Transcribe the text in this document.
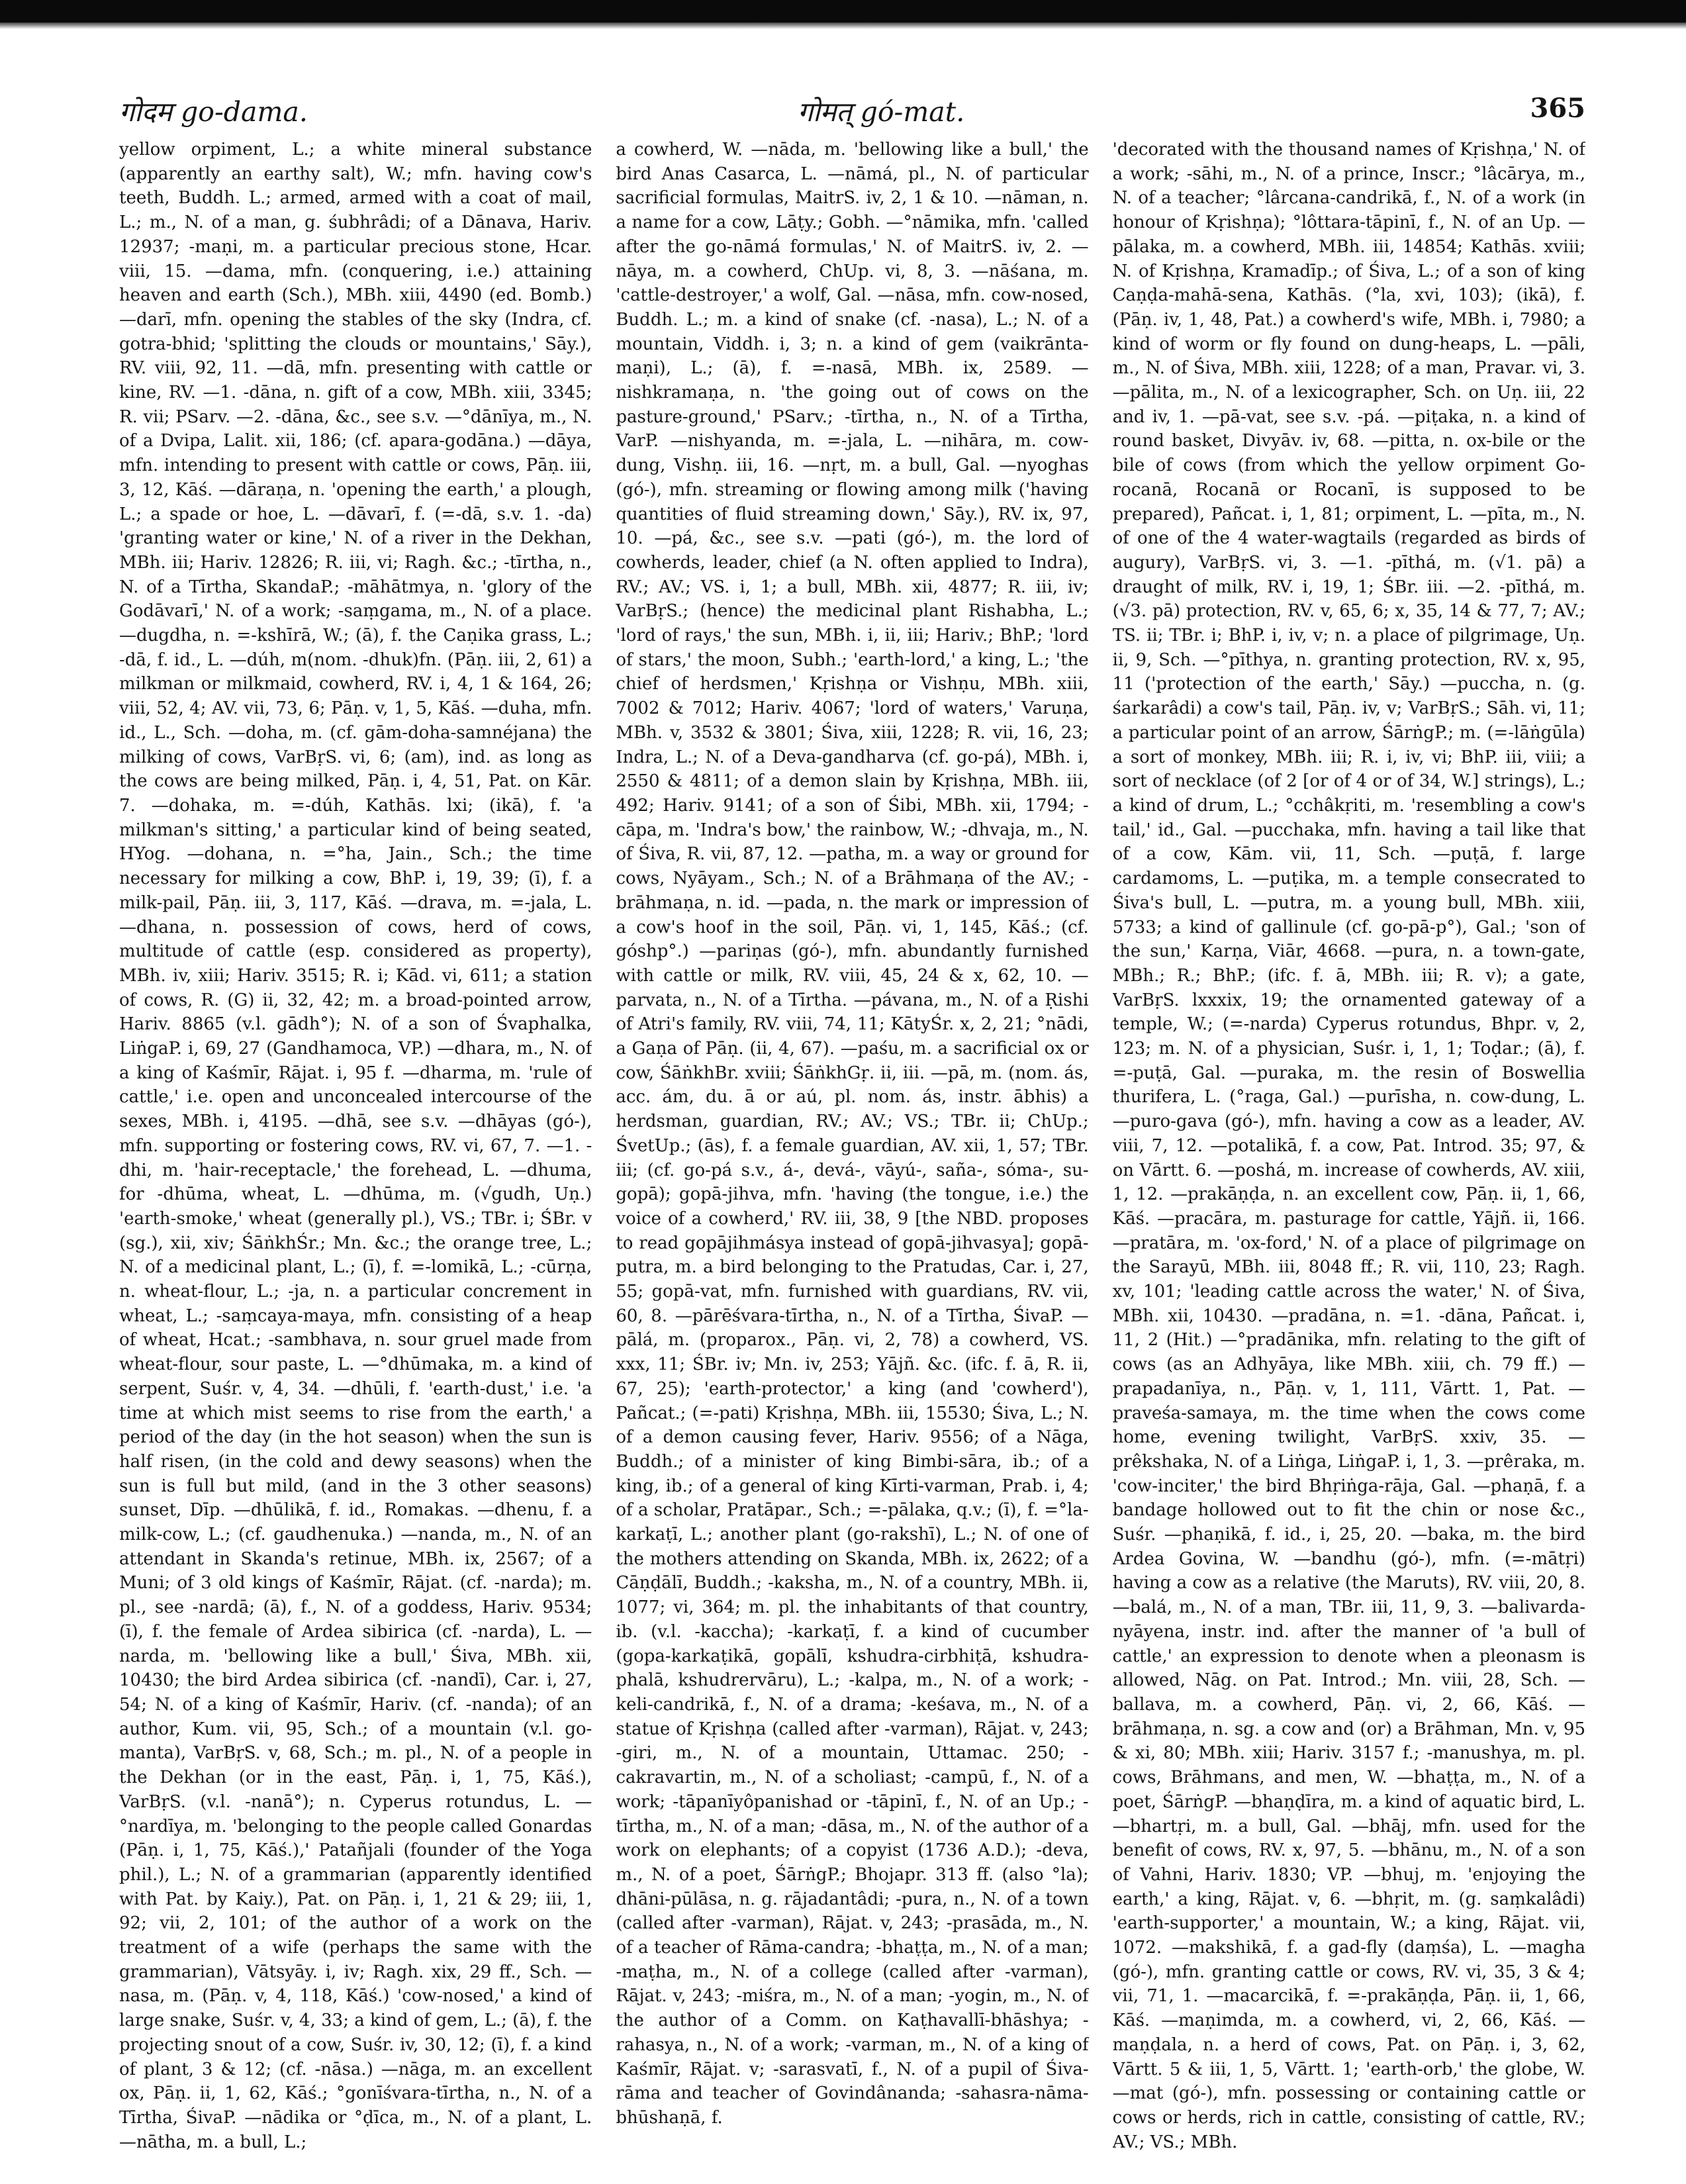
गोदम go-dama.	गोमत् gó-mat.	365

yellow orpiment, L.; a white mineral substance (apparently an earthy salt), W.; mfn. having cow's teeth, Buddh. L.; armed, armed with a coat of mail, L.; m., N. of a man, g. śubhrâdi; of a Dānava, Hariv. 12937; -maṇi, m. a particular precious stone, Hcar. viii, 15. —dama, mfn. (conquering, i.e.) attaining heaven and earth (Sch.), MBh. xiii, 4490 (ed. Bomb.) —darī, mfn. opening the stables of the sky (Indra, cf. gotra-bhid; 'splitting the clouds or mountains,' Sāy.), RV. viii, 92, 11. —dā, mfn. presenting with cattle or kine, RV. —1. -dāna, n. gift of a cow, MBh. xiii, 3345; R. vii; PSarv. —2. -dāna, &c., see s.v. —°dānīya, m., N. of a Dvipa, Lalit. xii, 186; (cf. apara-godāna.) —dāya, mfn. intending to present with cattle or cows, Pāṇ. iii, 3, 12, Kāś. —dāraṇa, n. 'opening the earth,' a plough, L.; a spade or hoe, L. —dāvarī, f. (=-dā, s.v. 1. -da) 'granting water or kine,' N. of a river in the Dekhan, MBh. iii; Hariv. 12826; R. iii, vi; Ragh. &c.; -tīrtha, n., N. of a Tīrtha, SkandaP.; -māhātmya, n. 'glory of the Godāvarī,' N. of a work; -saṃgama, m., N. of a place. —dugdha, n. =-kshīrā, W.; (ā), f. the Caṇika grass, L.; -dā, f. id., L. —dúh, m(nom. -dhuk)fn. (Pāṇ. iii, 2, 61) a milkman or milkmaid, cowherd, RV. i, 4, 1 & 164, 26; viii, 52, 4; AV. vii, 73, 6; Pāṇ. v, 1, 5, Kāś. —duha, mfn. id., L., Sch. —doha, m. (cf. gām-doha-samnéjana) the milking of cows, VarBṛS. vi, 6; (am), ind. as long as the cows are being milked, Pāṇ. i, 4, 51, Pat. on Kār. 7. —dohaka, m. =-dúh, Kathās. lxi; (ikā), f. 'a milkman's sitting,' a particular kind of being seated, HYog. —dohana, n. =°ha, Jain., Sch.; the time necessary for milking a cow, BhP. i, 19, 39; (ī), f. a milk-pail, Pāṇ. iii, 3, 117, Kāś. —drava, m. =-jala, L. —dhana, n. possession of cows, herd of cows, multitude of cattle (esp. considered as property), MBh. iv, xiii; Hariv. 3515; R. i; Kād. vi, 611; a station of cows, R. (G) ii, 32, 42; m. a broad-pointed arrow, Hariv. 8865 (v.l. gādh°); N. of a son of Śvaphalka, LiṅgaP. i, 69, 27 (Gandhamoca, VP.) —dhara, m., N. of a king of Kaśmīr, Rājat. i, 95 f. —dharma, m. 'rule of cattle,' i.e. open and unconcealed intercourse of the sexes, MBh. i, 4195. —dhā, see s.v. —dhāyas (gó-), mfn. supporting or fostering cows, RV. vi, 67, 7. —1. -dhi, m. 'hair-receptacle,' the forehead, L. —dhuma, for -dhūma, wheat, L. —dhūma, m. (√gudh, Uṇ.) 'earth-smoke,' wheat (generally pl.), VS.; TBr. i; ŚBr. v (sg.), xii, xiv; ŚāṅkhŚr.; Mn. &c.; the orange tree, L.; N. of a medicinal plant, L.; (ī), f. =-lomikā, L.; -cūrṇa, n. wheat-flour, L.; -ja, n. a particular concrement in wheat, L.; -saṃcaya-maya, mfn. consisting of a heap of wheat, Hcat.; -sambhava, n. sour gruel made from wheat-flour, sour paste, L. —°dhūmaka, m. a kind of serpent, Suśr. v, 4, 34. —dhūli, f. 'earth-dust,' i.e. 'a time at which mist seems to rise from the earth,' a period of the day (in the hot season) when the sun is half risen, (in the cold and dewy seasons) when the sun is full but mild, (and in the 3 other seasons) sunset, Dīp. —dhūlikā, f. id., Romakas. —dhenu, f. a milk-cow, L.; (cf. gaudhenuka.) —nanda, m., N. of an attendant in Skanda's retinue, MBh. ix, 2567; of a Muni; of 3 old kings of Kaśmīr, Rājat. (cf. -narda); m. pl., see -nardā; (ā), f., N. of a goddess, Hariv. 9534; (ī), f. the female of Ardea sibirica (cf. -narda), L. —narda, m. 'bellowing like a bull,' Śiva, MBh. xii, 10430; the bird Ardea sibirica (cf. -nandī), Car. i, 27, 54; N. of a king of Kaśmīr, Hariv. (cf. -nanda); of an author, Kum. vii, 95, Sch.; of a mountain (v.l. go-manta), VarBṛS. v, 68, Sch.; m. pl., N. of a people in the Dekhan (or in the east, Pāṇ. i, 1, 75, Kāś.), VarBṛS. (v.l. -nanā°); n. Cyperus rotundus, L. —°nardīya, m. 'belonging to the people called Gonardas (Pāṇ. i, 1, 75, Kāś.),' Patañjali (founder of the Yoga phil.), L.; N. of a grammarian (apparently identified with Pat. by Kaiy.), Pat. on Pāṇ. i, 1, 21 & 29; iii, 1, 92; vii, 2, 101; of the author of a work on the treatment of a wife (perhaps the same with the grammarian), Vātsyāy. i, iv; Ragh. xix, 29 ff., Sch. —nasa, m. (Pāṇ. v, 4, 118, Kāś.) 'cow-nosed,' a kind of large snake, Suśr. v, 4, 33; a kind of gem, L.; (ā), f. the projecting snout of a cow, Suśr. iv, 30, 12; (ī), f. a kind of plant, 3 & 12; (cf. -nāsa.) —nāga, m. an excellent ox, Pāṇ. ii, 1, 62, Kāś.; °gonīśvara-tīrtha, n., N. of a Tīrtha, ŚivaP. —nādika or °ḍīca, m., N. of a plant, L. —nātha, m. a bull, L.;

a cowherd, W. —nāda, m. 'bellowing like a bull,' the bird Anas Casarca, L. —nāmá, pl., N. of particular sacrificial formulas, MaitrS. iv, 2, 1 & 10. —nāman, n. a name for a cow, Lāṭy.; Gobh. —°nāmika, mfn. 'called after the go-nāmá formulas,' N. of MaitrS. iv, 2. —nāya, m. a cowherd, ChUp. vi, 8, 3. —nāśana, m. 'cattle-destroyer,' a wolf, Gal. —nāsa, mfn. cow-nosed, Buddh. L.; m. a kind of snake (cf. -nasa), L.; N. of a mountain, Viddh. i, 3; n. a kind of gem (vaikrānta-maṇi), L.; (ā), f. =-nasā, MBh. ix, 2589. —nishkramaṇa, n. 'the going out of cows on the pasture-ground,' PSarv.; -tīrtha, n., N. of a Tīrtha, VarP. —nishyanda, m. =-jala, L. —nihāra, m. cow-dung, Vishṇ. iii, 16. —nṛt, m. a bull, Gal. —nyoghas (gó-), mfn. streaming or flowing among milk ('having quantities of fluid streaming down,' Sāy.), RV. ix, 97, 10. —pá, &c., see s.v. —pati (gó-), m. the lord of cowherds, leader, chief (a N. often applied to Indra), RV.; AV.; VS. i, 1; a bull, MBh. xii, 4877; R. iii, iv; VarBṛS.; (hence) the medicinal plant Rishabha, L.; 'lord of rays,' the sun, MBh. i, ii, iii; Hariv.; BhP.; 'lord of stars,' the moon, Subh.; 'earth-lord,' a king, L.; 'the chief of herdsmen,' Kṛishṇa or Vishṇu, MBh. xiii, 7002 & 7012; Hariv. 4067; 'lord of waters,' Varuṇa, MBh. v, 3532 & 3801; Śiva, xiii, 1228; R. vii, 16, 23; Indra, L.; N. of a Deva-gandharva (cf. go-pá), MBh. i, 2550 & 4811; of a demon slain by Kṛishṇa, MBh. iii, 492; Hariv. 9141; of a son of Śibi, MBh. xii, 1794; -cāpa, m. 'Indra's bow,' the rainbow, W.; -dhvaja, m., N. of Śiva, R. vii, 87, 12. —patha, m. a way or ground for cows, Nyāyam., Sch.; N. of a Brāhmaṇa of the AV.; -brāhmaṇa, n. id. —pada, n. the mark or impression of a cow's hoof in the soil, Pāṇ. vi, 1, 145, Kāś.; (cf. góshp°.) —pariṇas (gó-), mfn. abundantly furnished with cattle or milk, RV. viii, 45, 24 & x, 62, 10. —parvata, n., N. of a Tīrtha. —pávana, m., N. of a Ṛishi of Atri's family, RV. viii, 74, 11; KātyŚr. x, 2, 21; °nādi, a Gaṇa of Pāṇ. (ii, 4, 67). —paśu, m. a sacrificial ox or cow, ŚāṅkhBr. xviii; ŚāṅkhGṛ. ii, iii. —pā, m. (nom. ás, acc. ám, du. ā or aú, pl. nom. ás, instr. ābhis) a herdsman, guardian, RV.; AV.; VS.; TBr. ii; ChUp.; ŚvetUp.; (ās), f. a female guardian, AV. xii, 1, 57; TBr. iii; (cf. go-pá s.v., á-, devá-, vāyú-, saña-, sóma-, su-gopā); gopā-jihva, mfn. 'having (the tongue, i.e.) the voice of a cowherd,' RV. iii, 38, 9 [the NBD. proposes to read gopājihmásya instead of gopā-jihvasya]; gopā-putra, m. a bird belonging to the Pratudas, Car. i, 27, 55; gopā-vat, mfn. furnished with guardians, RV. vii, 60, 8. —pārēśvara-tīrtha, n., N. of a Tīrtha, ŚivaP. —pālá, m. (proparox., Pāṇ. vi, 2, 78) a cowherd, VS. xxx, 11; ŚBr. iv; Mn. iv, 253; Yājñ. &c. (ifc. f. ā, R. ii, 67, 25); 'earth-protector,' a king (and 'cowherd'), Pañcat.; (=-pati) Kṛishṇa, MBh. iii, 15530; Śiva, L.; N. of a demon causing fever, Hariv. 9556; of a Nāga, Buddh.; of a minister of king Bimbi-sāra, ib.; of a king, ib.; of a general of king Kīrti-varman, Prab. i, 4; of a scholar, Pratāpar., Sch.; =-pālaka, q.v.; (ī), f. =°la-karkaṭī, L.; another plant (go-rakshī), L.; N. of one of the mothers attending on Skanda, MBh. ix, 2622; of a Cāṇḍālī, Buddh.; -kaksha, m., N. of a country, MBh. ii, 1077; vi, 364; m. pl. the inhabitants of that country, ib. (v.l. -kaccha); -karkaṭī, f. a kind of cucumber (gopa-karkaṭikā, gopālī, kshudra-cirbhiṭā, kshudra-phalā, kshudrervāru), L.; -kalpa, m., N. of a work; -keli-candrikā, f., N. of a drama; -keśava, m., N. of a statue of Kṛishṇa (called after -varman), Rājat. v, 243; -giri, m., N. of a mountain, Uttamac. 250; -cakravartin, m., N. of a scholiast; -campū, f., N. of a work; -tāpanīyôpanishad or -tāpinī, f., N. of an Up.; -tīrtha, m., N. of a man; -dāsa, m., N. of the author of a work on elephants; of a copyist (1736 A.D.); -deva, m., N. of a poet, ŚārṅgP.; Bhojapr. 313 ff. (also °la); dhāni-pūlāsa, n. g. rājadantâdi; -pura, n., N. of a town (called after -varman), Rājat. v, 243; -prasāda, m., N. of a teacher of Rāma-candra; -bhaṭṭa, m., N. of a man; -maṭha, m., N. of a college (called after -varman), Rājat. v, 243; -miśra, m., N. of a man; -yogin, m., N. of the author of a Comm. on Kaṭhavallī-bhāshya; -rahasya, n., N. of a work; -varman, m., N. of a king of Kaśmīr, Rājat. v; -sarasvatī, f., N. of a pupil of Śiva-rāma and teacher of Govindânanda; -sahasra-nāma-bhūshaṇā, f.

'decorated with the thousand names of Kṛishṇa,' N. of a work; -sāhi, m., N. of a prince, Inscr.; °lâcārya, m., N. of a teacher; °lârcana-candrikā, f., N. of a work (in honour of Kṛishṇa); °lôttara-tāpinī, f., N. of an Up. —pālaka, m. a cowherd, MBh. iii, 14854; Kathās. xviii; N. of Kṛishṇa, Kramadīp.; of Śiva, L.; of a son of king Caṇḍa-mahā-sena, Kathās. (°la, xvi, 103); (ikā), f. (Pāṇ. iv, 1, 48, Pat.) a cowherd's wife, MBh. i, 7980; a kind of worm or fly found on dung-heaps, L. —pāli, m., N. of Śiva, MBh. xiii, 1228; of a man, Pravar. vi, 3. —pālita, m., N. of a lexicographer, Sch. on Uṇ. iii, 22 and iv, 1. —pā-vat, see s.v. -pá. —piṭaka, n. a kind of round basket, Divyāv. iv, 68. —pitta, n. ox-bile or the bile of cows (from which the yellow orpiment Go-rocanā, Rocanā or Rocanī, is supposed to be prepared), Pañcat. i, 1, 81; orpiment, L. —pīta, m., N. of one of the 4 water-wagtails (regarded as birds of augury), VarBṛS. vi, 3. —1. -pīthá, m. (√1. pā) a draught of milk, RV. i, 19, 1; ŚBr. iii. —2. -pīthá, m. (√3. pā) protection, RV. v, 65, 6; x, 35, 14 & 77, 7; AV.; TS. ii; TBr. i; BhP. i, iv, v; n. a place of pilgrimage, Uṇ. ii, 9, Sch. —°pīthya, n. granting protection, RV. x, 95, 11 ('protection of the earth,' Sāy.) —puccha, n. (g. śarkarâdi) a cow's tail, Pāṇ. iv, v; VarBṛS.; Sāh. vi, 11; a particular point of an arrow, ŚārṅgP.; m. (=-lāṅgūla) a sort of monkey, MBh. iii; R. i, iv, vi; BhP. iii, viii; a sort of necklace (of 2 [or of 4 or of 34, W.] strings), L.; a kind of drum, L.; °cchâkṛiti, m. 'resembling a cow's tail,' id., Gal. —pucchaka, mfn. having a tail like that of a cow, Kām. vii, 11, Sch. —puṭā, f. large cardamoms, L. —puṭika, m. a temple consecrated to Śiva's bull, L. —putra, m. a young bull, MBh. xiii, 5733; a kind of gallinule (cf. go-pā-p°), Gal.; 'son of the sun,' Karṇa, Viār, 4668. —pura, n. a town-gate, MBh.; R.; BhP.; (ifc. f. ā, MBh. iii; R. v); a gate, VarBṛS. lxxxix, 19; the ornamented gateway of a temple, W.; (=-narda) Cyperus rotundus, Bhpr. v, 2, 123; m. N. of a physician, Suśr. i, 1, 1; Toḍar.; (ā), f. =-puṭā, Gal. —puraka, m. the resin of Boswellia thurifera, L. (°raga, Gal.) —purīsha, n. cow-dung, L. —puro-gava (gó-), mfn. having a cow as a leader, AV. viii, 7, 12. —potalikā, f. a cow, Pat. Introd. 35; 97, & on Vārtt. 6. —poshá, m. increase of cowherds, AV. xiii, 1, 12. —prakāṇḍa, n. an excellent cow, Pāṇ. ii, 1, 66, Kāś. —pracāra, m. pasturage for cattle, Yājñ. ii, 166. —pratāra, m. 'ox-ford,' N. of a place of pilgrimage on the Sarayū, MBh. iii, 8048 ff.; R. vii, 110, 23; Ragh. xv, 101; 'leading cattle across the water,' N. of Śiva, MBh. xii, 10430. —pradāna, n. =1. -dāna, Pañcat. i, 11, 2 (Hit.) —°pradānika, mfn. relating to the gift of cows (as an Adhyāya, like MBh. xiii, ch. 79 ff.) —prapadanīya, n., Pāṇ. v, 1, 111, Vārtt. 1, Pat. —praveśa-samaya, m. the time when the cows come home, evening twilight, VarBṛS. xxiv, 35. —prêkshaka, N. of a Liṅga, LiṅgaP. i, 1, 3. —prêraka, m. 'cow-inciter,' the bird Bhṛiṅga-rāja, Gal. —phaṇā, f. a bandage hollowed out to fit the chin or nose &c., Suśr. —phaṇikā, f. id., i, 25, 20. —baka, m. the bird Ardea Govina, W. —bandhu (gó-), mfn. (=-mātṛi) having a cow as a relative (the Maruts), RV. viii, 20, 8. —balá, m., N. of a man, TBr. iii, 11, 9, 3. —balivarda-nyāyena, instr. ind. after the manner of 'a bull of cattle,' an expression to denote when a pleonasm is allowed, Nāg. on Pat. Introd.; Mn. viii, 28, Sch. —ballava, m. a cowherd, Pāṇ. vi, 2, 66, Kāś. —brāhmaṇa, n. sg. a cow and (or) a Brāhman, Mn. v, 95 & xi, 80; MBh. xiii; Hariv. 3157 f.; -manushya, m. pl. cows, Brāhmans, and men, W. —bhaṭṭa, m., N. of a poet, ŚārṅgP. —bhaṇḍīra, m. a kind of aquatic bird, L. —bhartṛi, m. a bull, Gal. —bhāj, mfn. used for the benefit of cows, RV. x, 97, 5. —bhānu, m., N. of a son of Vahni, Hariv. 1830; VP. —bhuj, m. 'enjoying the earth,' a king, Rājat. v, 6. —bhṛit, m. (g. saṃkalâdi) 'earth-supporter,' a mountain, W.; a king, Rājat. vii, 1072. —makshikā, f. a gad-fly (daṃśa), L. —magha (gó-), mfn. granting cattle or cows, RV. vi, 35, 3 & 4; vii, 71, 1. —macarcikā, f. =-prakāṇḍa, Pāṇ. ii, 1, 66, Kāś. —maṇimda, m. a cowherd, vi, 2, 66, Kāś. —maṇḍala, n. a herd of cows, Pat. on Pāṇ. i, 3, 62, Vārtt. 5 & iii, 1, 5, Vārtt. 1; 'earth-orb,' the globe, W. —mat (gó-), mfn. possessing or containing cattle or cows or herds, rich in cattle, consisting of cattle, RV.; AV.; VS.; MBh.
